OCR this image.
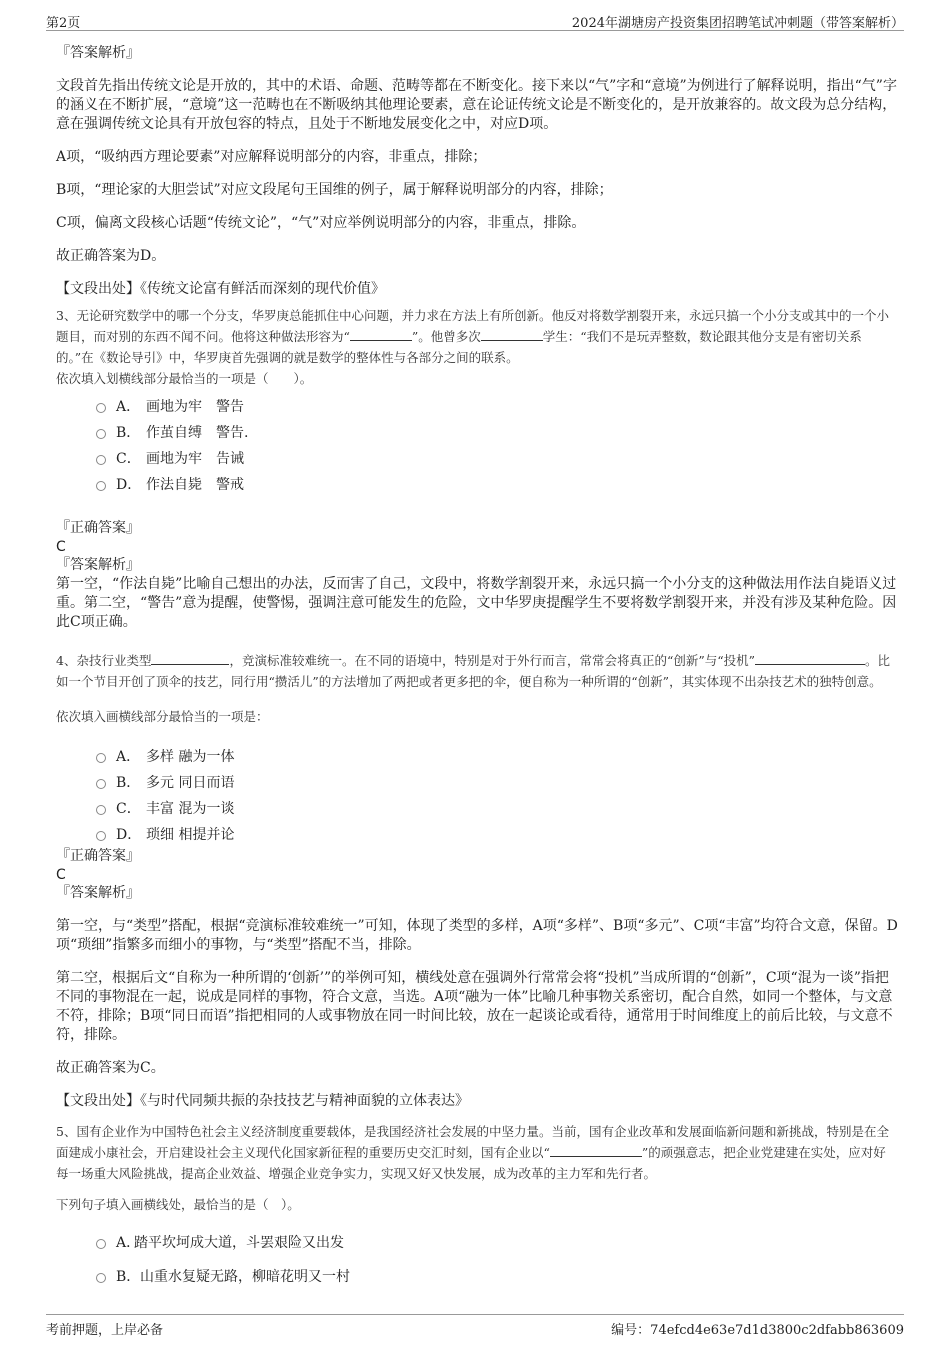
第2页	2024年湖塘房产投资集团招聘笔试冲刺题（带答案解析）

『答案解析』

文段首先指出传统文论是开放的，其中的术语、命题、范畴等都在不断变化。接下来以“气”字和“意境”为例进行了解释说明，指出“气”字的涵义在不断扩展，“意境”这一范畴也在不断吸纳其他理论要素，意在论证传统文论是不断变化的，是开放兼容的。故文段为总分结构，意在强调传统文论具有开放包容的特点，且处于不断地发展变化之中，对应D项。

A项，“吸纳西方理论要素”对应解释说明部分的内容，非重点，排除；

B项，“理论家的大胆尝试”对应文段尾句王国维的例子，属于解释说明部分的内容，排除；

C项，偏离文段核心话题“传统文论”，“气”对应举例说明部分的内容，非重点，排除。

故正确答案为D。

【文段出处】《传统文论富有鲜活而深刻的现代价值》

3、无论研究数学中的哪一个分支，华罗庚总能抓住中心问题，并力求在方法上有所创新。他反对将数学割裂开来，永远只搞一个小分支或其中的一个小题目，而对别的东西不闻不问。他将这种做法形容为“	”。他曾多次	学生：“我们不是玩弄整数，数论跟其他分支是有密切关系的。”在《数论导引》中，华罗庚首先强调的就是数学的整体性与各部分之间的联系。

依次填入划横线部分最恰当的一项是（　　）。

A． 画地为牢　警告
B． 作茧自缚　警告.
C． 画地为牢　告诫
D． 作法自毙　警戒

『正确答案』

C

『答案解析』

第一空，“作法自毙”比喻自己想出的办法，反而害了自己，文段中，将数学割裂开来，永远只搞一个小分支的这种做法用作法自毙语义过重。第二空，“警告”意为提醒，使警惕，强调注意可能发生的危险，文中华罗庚提醒学生不要将数学割裂开来，并没有涉及某种危险。因此C项正确。

4、杂技行业类型	，竞演标准较难统一。在不同的语境中，特别是对于外行而言，常常会将真正的“创新”与“投机”	。比如一个节目开创了顶伞的技艺，同行用“攒活儿”的方法增加了两把或者更多把的伞，便自称为一种所谓的“创新”，其实体现不出杂技艺术的独特创意。

依次填入画横线部分最恰当的一项是：

A． 多样 融为一体
B． 多元 同日而语
C． 丰富 混为一谈
D． 琐细 相提并论

『正确答案』

C

『答案解析』

第一空，与“类型”搭配，根据“竞演标准较难统一”可知，体现了类型的多样，A项“多样”、B项“多元”、C项“丰富”均符合文意，保留。D项“琐细”指繁多而细小的事物，与“类型”搭配不当，排除。

第二空，根据后文“自称为一种所谓的‘创新’”的举例可知，横线处意在强调外行常常会将“投机”当成所谓的“创新”，C项“混为一谈”指把不同的事物混在一起，说成是同样的事物，符合文意，当选。A项“融为一体”比喻几种事物关系密切，配合自然，如同一个整体，与文意不符，排除；B项“同日而语”指把相同的人或事物放在同一时间比较，放在一起谈论或看待，通常用于时间维度上的前后比较，与文意不符，排除。

故正确答案为C。

【文段出处】《与时代同频共振的杂技技艺与精神面貌的立体表达》

5、国有企业作为中国特色社会主义经济制度重要载体，是我国经济社会发展的中坚力量。当前，国有企业改革和发展面临新问题和新挑战，特别是在全面建成小康社会，开启建设社会主义现代化国家新征程的重要历史交汇时刻，国有企业以“	”的顽强意志，把企业党建建在实处，应对好每一场重大风险挑战，提高企业效益、增强企业竞争实力，实现又好又快发展，成为改革的主力军和先行者。

下列句子填入画横线处，最恰当的是（　）。

A．
踏平坎坷成大道，斗罢艰险又出发
B． 山重水复疑无路，柳暗花明又一村
考前押题，上岸必备	编号：74efcd4e63e7d1d3800c2dfabb863609
